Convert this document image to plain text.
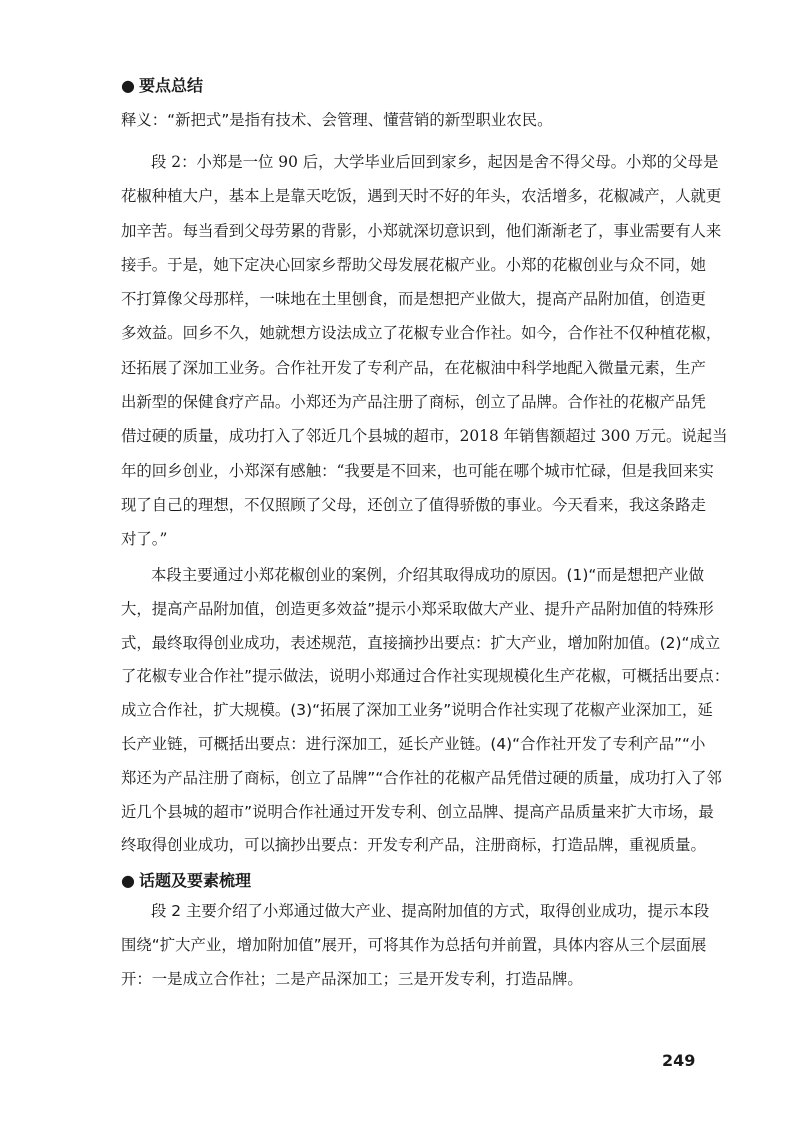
● 要点总结
释义：“新把式”是指有技术、会管理、懂营销的新型职业农民。
段 2：小郑是一位 90 后，大学毕业后回到家乡，起因是舍不得父母。小郑的父母是
花椒种植大户，基本上是靠天吃饭，遇到天时不好的年头，农活增多，花椒减产，人就更
加辛苦。每当看到父母劳累的背影，小郑就深切意识到，他们渐渐老了，事业需要有人来
接手。于是，她下定决心回家乡帮助父母发展花椒产业。小郑的花椒创业与众不同，她
不打算像父母那样，一味地在土里刨食，而是想把产业做大，提高产品附加值，创造更
多效益。回乡不久，她就想方设法成立了花椒专业合作社。如今，合作社不仅种植花椒，
还拓展了深加工业务。合作社开发了专利产品，在花椒油中科学地配入微量元素，生产
出新型的保健食疗产品。小郑还为产品注册了商标，创立了品牌。合作社的花椒产品凭
借过硬的质量，成功打入了邻近几个县城的超市，2018 年销售额超过 300 万元。说起当
年的回乡创业，小郑深有感触：“我要是不回来，也可能在哪个城市忙碌，但是我回来实
现了自己的理想，不仅照顾了父母，还创立了值得骄傲的事业。今天看来，我这条路走
对了。”
本段主要通过小郑花椒创业的案例，介绍其取得成功的原因。(1)“而是想把产业做
大，提高产品附加值，创造更多效益”提示小郑采取做大产业、提升产品附加值的特殊形
式，最终取得创业成功，表述规范，直接摘抄出要点：扩大产业，增加附加值。(2)“成立
了花椒专业合作社”提示做法，说明小郑通过合作社实现规模化生产花椒，可概括出要点：
成立合作社，扩大规模。(3)“拓展了深加工业务”说明合作社实现了花椒产业深加工，延
长产业链，可概括出要点：进行深加工，延长产业链。(4)“合作社开发了专利产品”“小
郑还为产品注册了商标，创立了品牌”“合作社的花椒产品凭借过硬的质量，成功打入了邻
近几个县城的超市”说明合作社通过开发专利、创立品牌、提高产品质量来扩大市场，最
终取得创业成功，可以摘抄出要点：开发专利产品，注册商标，打造品牌，重视质量。
● 话题及要素梳理
段 2 主要介绍了小郑通过做大产业、提高附加值的方式，取得创业成功，提示本段
围绕“扩大产业，增加附加值”展开，可将其作为总括句并前置，具体内容从三个层面展
开：一是成立合作社；二是产品深加工；三是开发专利，打造品牌。
249
